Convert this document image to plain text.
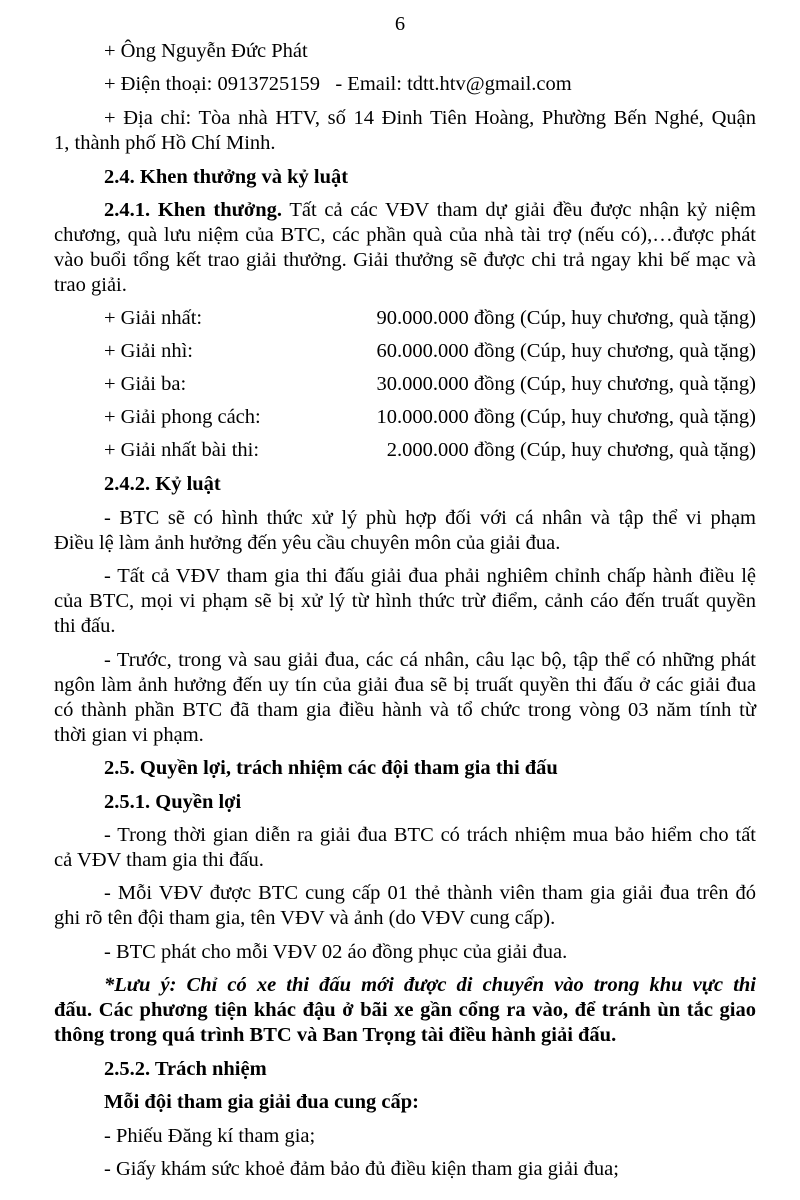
6
+ Ông Nguyễn Đức Phát
+ Điện thoại: 0913725159   - Email: tdtt.htv@gmail.com
+ Địa chỉ: Tòa nhà HTV, số 14 Đinh Tiên Hoàng, Phường Bến Nghé, Quận
1, thành phố Hồ Chí Minh.
2.4. Khen thưởng và kỷ luật
2.4.1. Khen thưởng. Tất cả các VĐV tham dự giải đều được nhận kỷ niệm
chương, quà lưu niệm của BTC, các phần quà của nhà tài trợ (nếu có),…được phát
vào buổi tổng kết trao giải thưởng. Giải thưởng sẽ được chi trả ngay khi bế mạc và
trao giải.
+ Giải nhất:	90.000.000 đồng (Cúp, huy chương, quà tặng)
+ Giải nhì:	60.000.000 đồng (Cúp, huy chương, quà tặng)
+ Giải ba:	30.000.000 đồng (Cúp, huy chương, quà tặng)
+ Giải phong cách:	10.000.000 đồng (Cúp, huy chương, quà tặng)
+ Giải nhất bài thi:	2.000.000 đồng (Cúp, huy chương, quà tặng)
2.4.2. Kỷ luật
- BTC sẽ có hình thức xử lý phù hợp đối với cá nhân và tập thể vi phạm
Điều lệ làm ảnh hưởng đến yêu cầu chuyên môn của giải đua.
- Tất cả VĐV tham gia thi đấu giải đua phải nghiêm chỉnh chấp hành điều lệ
của BTC, mọi vi phạm sẽ bị xử lý từ hình thức trừ điểm, cảnh cáo đến truất quyền
thi đấu.
- Trước, trong và sau giải đua, các cá nhân, câu lạc bộ, tập thể có những phát
ngôn làm ảnh hưởng đến uy tín của giải đua sẽ bị truất quyền thi đấu ở các giải đua
có thành phần BTC đã tham gia điều hành và tổ chức trong vòng 03 năm tính từ
thời gian vi phạm.
2.5. Quyền lợi, trách nhiệm các đội tham gia thi đấu
2.5.1. Quyền lợi
- Trong thời gian diễn ra giải đua BTC có trách nhiệm mua bảo hiểm cho tất
cả VĐV tham gia thi đấu.
- Mỗi VĐV được BTC cung cấp 01 thẻ thành viên tham gia giải đua trên đó
ghi rõ tên đội tham gia, tên VĐV và ảnh (do VĐV cung cấp).
- BTC phát cho mỗi VĐV 02 áo đồng phục của giải đua.
*Lưu ý: Chỉ có xe thi đấu mới được di chuyển vào trong khu vực thi
đấu. Các phương tiện khác đậu ở bãi xe gần cổng ra vào, để tránh ùn tắc giao
thông trong quá trình BTC và Ban Trọng tài điều hành giải đấu.
2.5.2. Trách nhiệm
Mỗi đội tham gia giải đua cung cấp:
- Phiếu Đăng kí tham gia;
- Giấy khám sức khoẻ đảm bảo đủ điều kiện tham gia giải đua;
